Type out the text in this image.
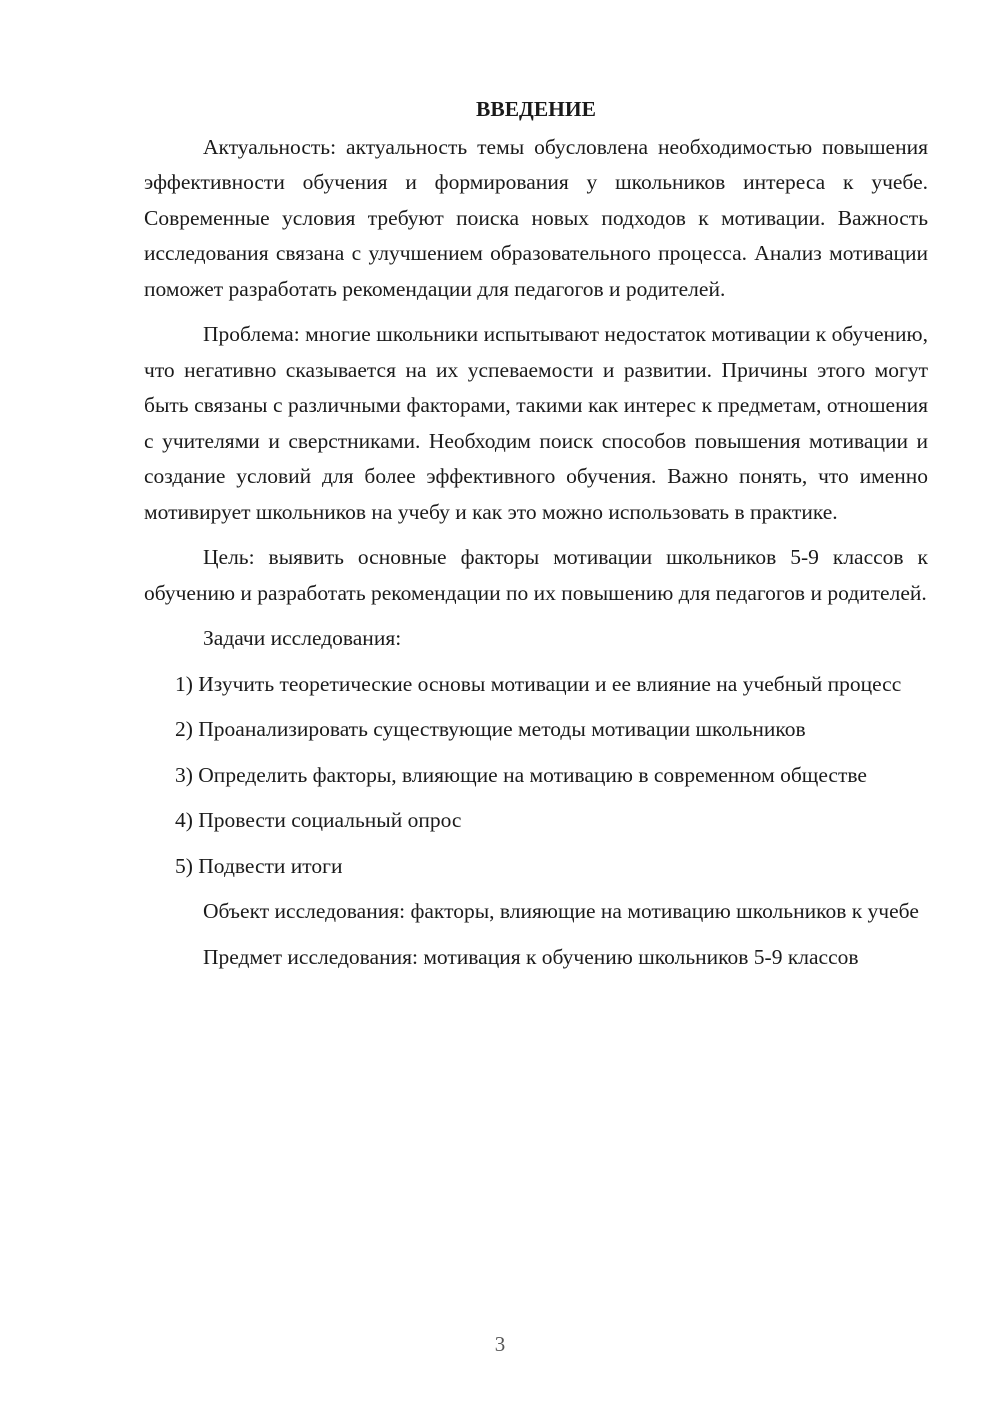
ВВЕДЕНИЕ

Актуальность: актуальность темы обусловлена необходимостью повышения эффективности обучения и формирования у школьников интереса к учебе. Современные условия требуют поиска новых подходов к мотивации. Важность исследования связана с улучшением образовательного процесса. Анализ мотивации поможет разработать рекомендации для педагогов и родителей.

Проблема: многие школьники испытывают недостаток мотивации к обучению, что негативно сказывается на их успеваемости и развитии. Причины этого могут быть связаны с различными факторами, такими как интерес к предметам, отношения с учителями и сверстниками. Необходим поиск способов повышения мотивации и создание условий для более эффективного обучения. Важно понять, что именно мотивирует школьников на учебу и как это можно использовать в практике.

Цель: выявить основные факторы мотивации школьников 5-9 классов к обучению и разработать рекомендации по их повышению для педагогов и родителей.

Задачи исследования:

1) Изучить теоретические основы мотивации и ее влияние на учебный процесс

2) Проанализировать существующие методы мотивации школьников

3) Определить факторы, влияющие на мотивацию в современном обществе

4) Провести социальный опрос

5) Подвести итоги

Объект исследования: факторы, влияющие на мотивацию школьников к учебе

Предмет исследования: мотивация к обучению школьников 5-9 классов

3
